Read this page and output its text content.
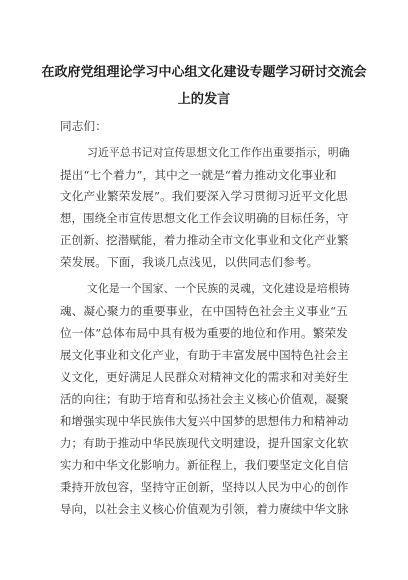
在政府党组理论学习中心组文化建设专题学习研讨交流会
上的发言
同志们：
习近平总书记对宣传思想文化工作作出重要指示，明确
提出“七个着力”，其中之一就是“着力推动文化事业和
文化产业繁荣发展”。我们要深入学习贯彻习近平文化思
想，围绕全市宣传思想文化工作会议明确的目标任务，守
正创新、挖潜赋能，着力推动全市文化事业和文化产业繁
荣发展。下面，我谈几点浅见，以供同志们参考。
文化是一个国家、一个民族的灵魂，文化建设是培根铸
魂、凝心聚力的重要事业，在中国特色社会主义事业“五
位一体”总体布局中具有极为重要的地位和作用。繁荣发
展文化事业和文化产业，有助于丰富发展中国特色社会主
义文化，更好满足人民群众对精神文化的需求和对美好生
活的向往；有助于培育和弘扬社会主义核心价值观，凝聚
和增强实现中华民族伟大复兴中国梦的思想伟力和精神动
力；有助于推动中华民族现代文明建设，提升国家文化软
实力和中华文化影响力。新征程上，我们要坚定文化自信
秉持开放包容，坚持守正创新，坚持以人民为中心的创作
导向，以社会主义核心价值观为引领，着力赓续中华文脉
